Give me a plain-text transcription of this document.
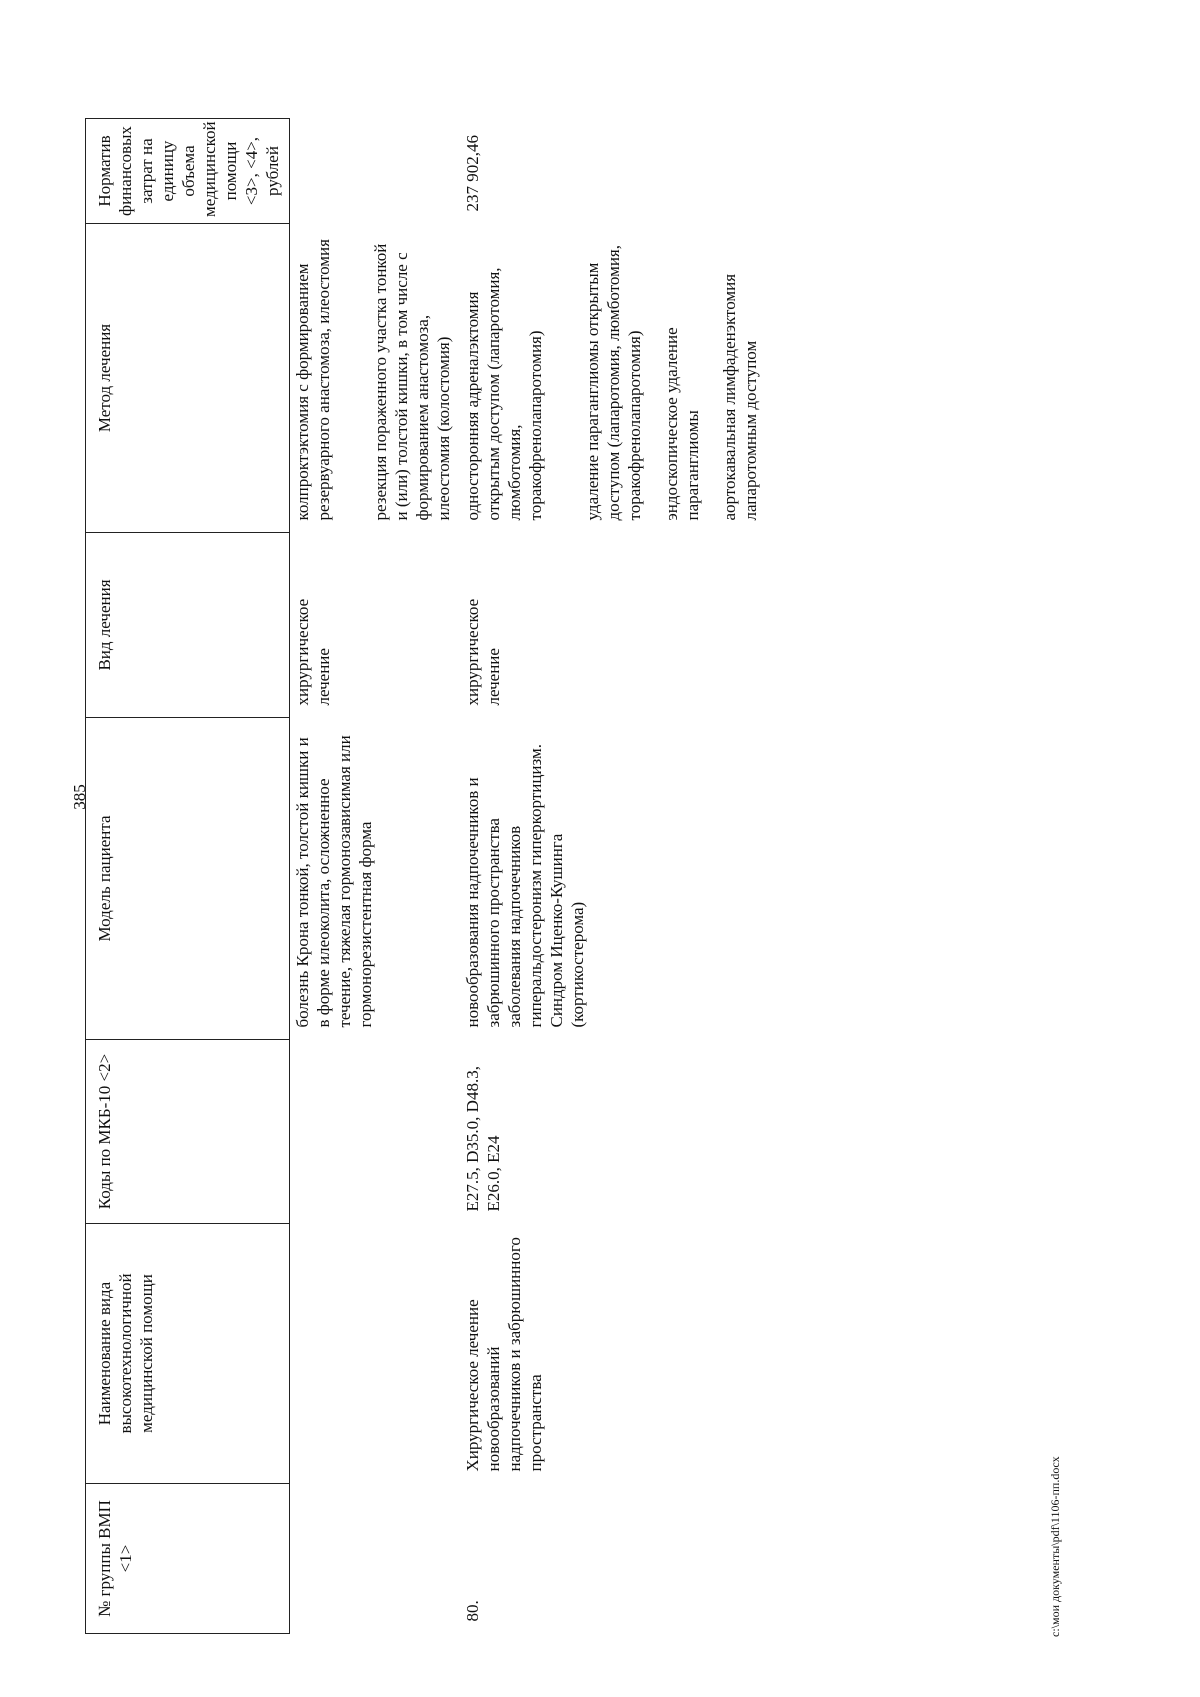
385
№ группы ВМП <1>	Наименование вида высокотехнологичной медицинской помощи	Коды по МКБ-10 <2>	Модель пациента	Вид лечения	Метод лечения	Норматив финансовых затрат на единицу объема медицинской помощи <3>, <4>, рублей
			болезнь Крона тонкой, толстой кишки и в форме илеоколита, осложненное течение, тяжелая гормонозависимая или гормонорезистентная форма	хирургическое лечение	колпроктэктомия с формированием резервуарного анастомоза, илеостомия резекция пораженного участка тонкой и (или) толстой кишки, в том числе с формированием анастомоза, илеостомия (колостомия)	

80.	Хирургическое лечение новообразований надпочечников и забрюшинного пространства	E27.5, D35.0, D48.3, E26.0, E24	новообразования надпочечников и забрюшинного пространства заболевания надпочечников гиперальдостеронизм гиперкортицизм. Синдром Иценко-Кушинга (кортикостерома)	хирургическое лечение	односторонняя адреналэктомия открытым доступом (лапаротомия, люмботомия, торакофренолапаротомия) удаление параганглиомы открытым доступом (лапаротомия, люмботомия, торакофренолапаротомия) эндоскопическое удаление параганглиомы аортокавальная лимфаденэктомия лапаротомным доступом	237 902,46
c:\мои документы\pdf\1106-пп.docx
